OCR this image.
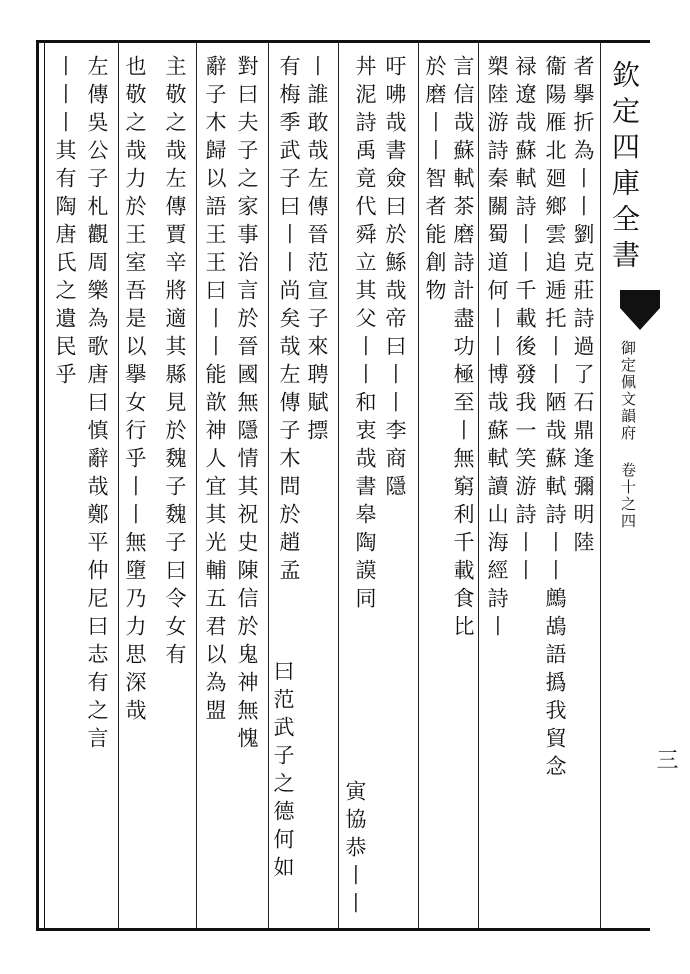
欽定四庫全書
御定佩文韻府 卷十之四
三
者擧折為丨丨劉克莊詩過了石鼎逢彌明陸
衞陽雁北廻鄉雲追逓托丨丨陋哉蘇軾詩丨丨鷓鴣語撝我貿念
禄遼哉蘇軾詩丨丨千載後發我一笑游詩丨丨
槊陸游詩秦關蜀道何丨丨博哉蘇軾讀山海經詩丨
言信哉蘇軾茶磨詩計盡功極至丨無窮利千載食比
於磨丨丨智者能創物
吁咈哉書僉曰於鯀哉帝曰丨丨李商隱
丼泥詩禹竟代舜立其父丨丨和衷哉書皋陶謨同
寅協恭丨丨
丨誰敢哉左傳晉范宣子來聘賦摽
有梅季武子曰丨丨尚矣哉左傳子木問於趙孟
曰范武子之德何如
對曰夫子之家事治言於晉國無隱情其祝史陳信於鬼神無愧
辭子木歸以語王王曰丨丨能歆神人宜其光輔五君以為盟
主敬之哉左傳賈辛將適其縣見於魏子魏子曰令女有
也敬之哉力於王室吾是以擧女行乎丨丨無墮乃力思深哉
左傳吳公子札觀周樂為歌唐曰慎辭哉鄭平仲尼曰志有之言
丨丨丨其有陶唐氏之遺民乎
